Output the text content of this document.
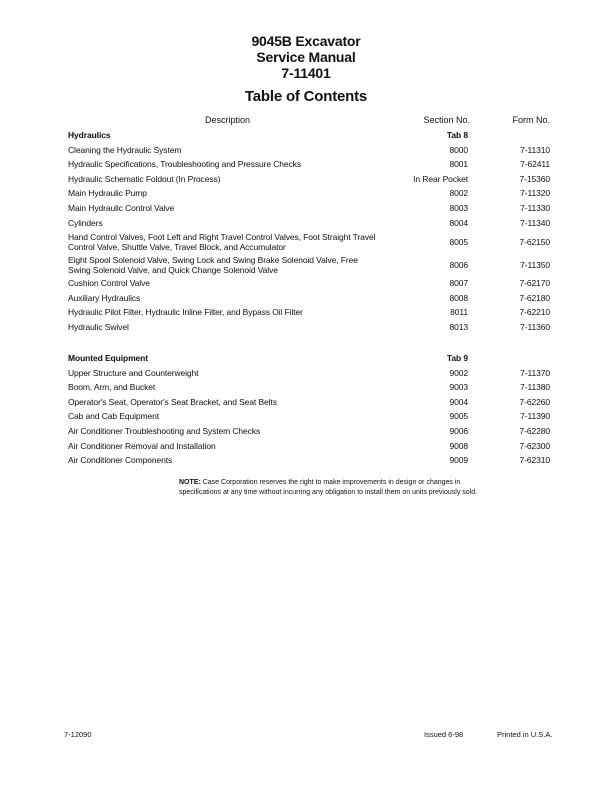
9045B Excavator
Service Manual
7-11401
Table of Contents
Description	Section No.	Form No.
Hydraulics	Tab 8
Cleaning the Hydraulic System	8000	7-11310
Hydraulic Specifications, Troubleshooting and Pressure Checks	8001	7-62411
Hydraulic Schematic Foldout (In Process)	In Rear Pocket	7-15360
Main Hydraulic Pump	8002	7-11320
Main Hydraulic Control Valve	8003	7-11330
Cylinders	8004	7-11340
Hand Control Valves, Foot Left and Right Travel Control Valves, Foot Straight Travel
Control Valve, Shuttle Valve, Travel Block, and Accumulator	8005	7-62150
Eight Spool Solenoid Valve, Swing Lock and Swing Brake Solenoid Valve, Free
Swing Solenoid Valve, and Quick Change Solenoid Valve	8006	7-11350
Cushion Control Valve	8007	7-62170
Auxiliary Hydraulics	8008	7-62180
Hydraulic Pilot Filter, Hydraulic Inline Filter, and Bypass Oil Filter	8011	7-62210
Hydraulic Swivel	8013	7-11360
Mounted Equipment	Tab 9
Upper Structure and Counterweight	9002	7-11370
Boom, Arm, and Bucket	9003	7-11380
Operator's Seat, Operator's Seat Bracket, and Seat Belts	9004	7-62260
Cab and Cab Equipment	9005	7-11390
Air Conditioner Troubleshooting and System Checks	9006	7-62280
Air Conditioner Removal and Installation	9008	7-62300
Air Conditioner Components	9009	7-62310
NOTE: Case Corporation reserves the right to make improvements in design or changes in specifications at any time without incurring any obligation to install them on units previously sold.
7-12090	Issued 6-98	Printed in U.S.A.
